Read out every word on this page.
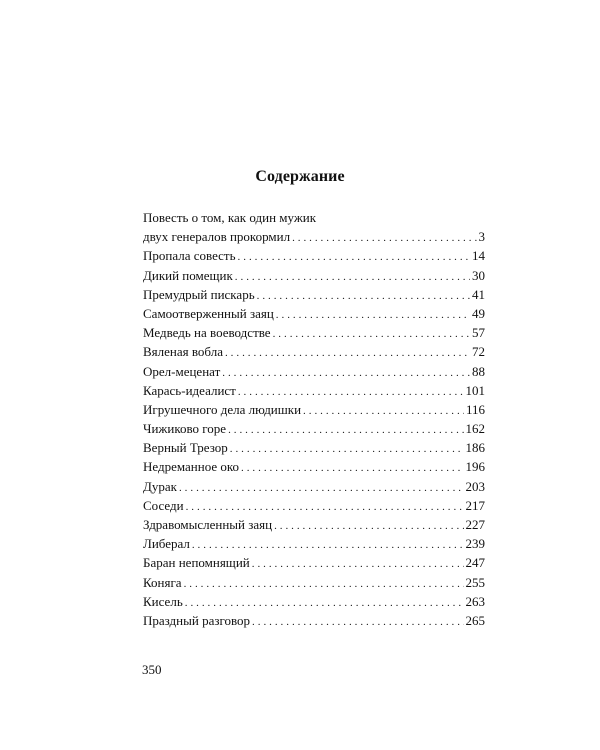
Содержание
Повесть о том, как один мужик
двух генералов прокормил . . .	3
Пропала совесть . . .	14
Дикий помещик . . .	30
Премудрый пискарь . . .	41
Самоотверженный заяц . . .	49
Медведь на воеводстве . . .	57
Вяленая вобла . . .	72
Орел-меценат . . .	88
Карась-идеалист . . .	101
Игрушечного дела людишки . . .	116
Чижиково горе . . .	162
Верный Трезор . . .	186
Недреманное око . . .	196
Дурак . . .	203
Соседи . . .	217
Здравомысленный заяц . . .	227
Либерал . . .	239
Баран непомнящий . . .	247
Коняга . . .	255
Кисель . . .	263
Праздный разговор . . .	265
350
